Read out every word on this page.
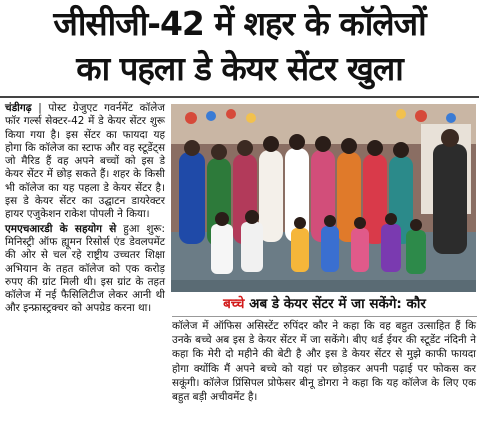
जीसीजी-42 में शहर के कॉलेजों
का पहला डे केयर सेंटर खुला

चंडीगढ़ | पोस्ट ग्रेजुएट गवर्नमेंट कॉलेज फॉर गर्ल्स सेक्टर-42 में डे केयर सेंटर शुरू किया गया है। इस सेंटर का फायदा यह होगा कि कॉलेज का स्टाफ और वह स्टूडेंट्स जो मैरिड हैं वह अपने बच्चों को इस डे केयर सेंटर में छोड़ सकते हैं। शहर के किसी भी कॉलेज का यह पहला डे केयर सेंटर है। इस डे केयर सेंटर का उद्घाटन डायरेक्टर हायर एजुकेशन राकेश पोपली ने किया।

एमएचआरडी के सहयोग से हुआ शुरू: मिनिस्ट्री ऑफ ह्यूमन रिसोर्स एंड डेवलपमेंट की ओर से चल रहे राष्ट्रीय उच्चतर शिक्षा अभियान के तहत कॉलेज को एक करोड़ रुपए की ग्रांट मिली थी। इस ग्रांट के तहत कॉलेज में नई फैसिलिटीज लेकर आनी थी और इन्फ्रास्ट्रक्चर को अपग्रेड करना था।	बच्चे अब डे केयर सेंटर में जा सकेंगे: कौर
कॉलेज में ऑफिस असिस्टेंट रुपिंदर कौर ने कहा कि वह बहुत उत्साहित हैं कि उनके बच्चे अब इस डे केयर सेंटर में जा सकेंगे। बीए थर्ड ईयर की स्टूडेंट नंदिनी ने कहा कि मेरी दो महीने की बेटी है और इस डे केयर सेंटर से मुझे काफी फायदा होगा क्योंकि मैं अपने बच्चे को यहां पर छोड़कर अपनी पढ़ाई पर फोकस कर सकूंगी। कॉलेज प्रिंसिपल प्रोफेसर बीनू डोगरा ने कहा कि यह कॉलेज के लिए एक बहुत बड़ी अचीवमेंट है।
